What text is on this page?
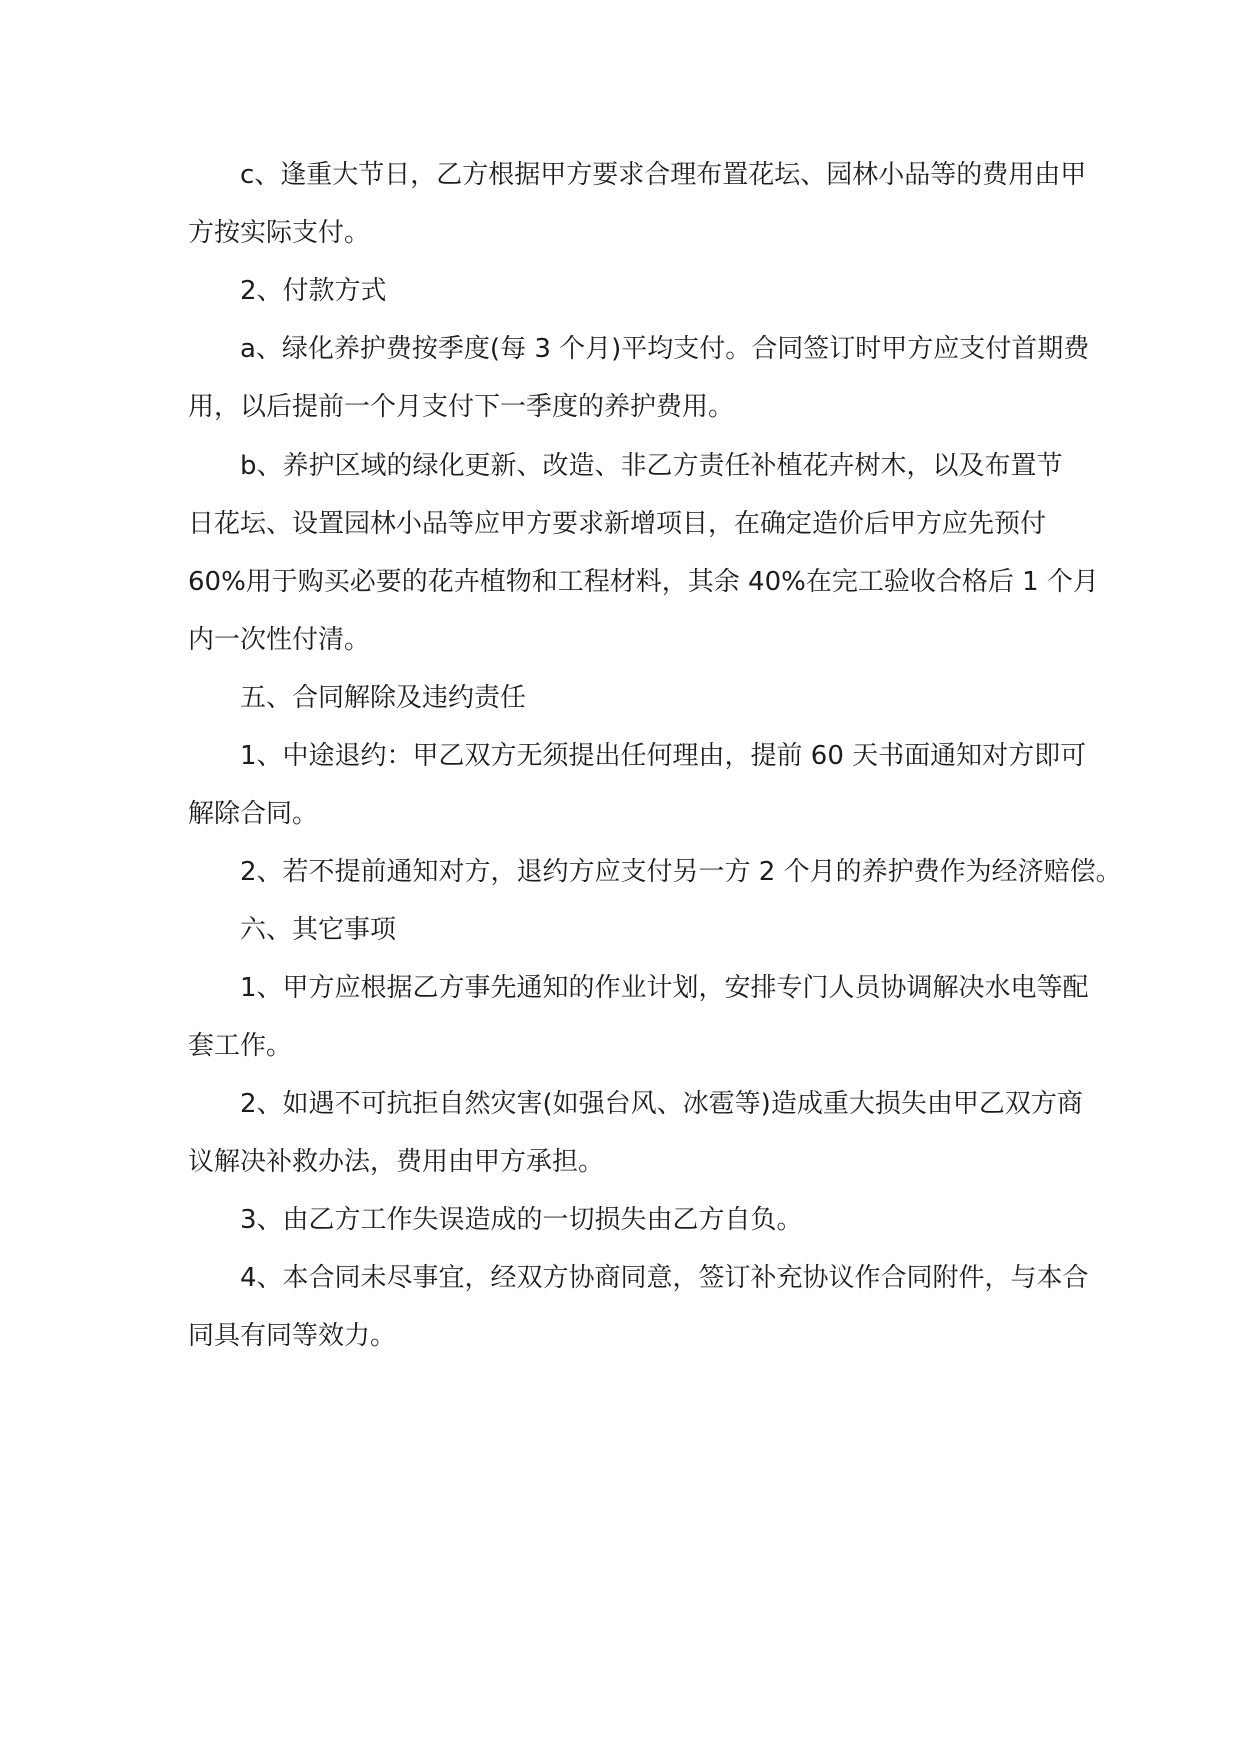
c、逢重大节日，乙方根据甲方要求合理布置花坛、园林小品等的费用由甲

方按实际支付。

2、付款方式

a、绿化养护费按季度(每 3 个月)平均支付。合同签订时甲方应支付首期费

用，以后提前一个月支付下一季度的养护费用。

b、养护区域的绿化更新、改造、非乙方责任补植花卉树木，以及布置节

日花坛、设置园林小品等应甲方要求新增项目，在确定造价后甲方应先预付

60%用于购买必要的花卉植物和工程材料，其余 40%在完工验收合格后 1 个月

内一次性付清。

五、合同解除及违约责任

1、中途退约：甲乙双方无须提出任何理由，提前 60 天书面通知对方即可

解除合同。

2、若不提前通知对方，退约方应支付另一方 2 个月的养护费作为经济赔偿。

六、其它事项

1、甲方应根据乙方事先通知的作业计划，安排专门人员协调解决水电等配

套工作。

2、如遇不可抗拒自然灾害(如强台风、冰雹等)造成重大损失由甲乙双方商

议解决补救办法，费用由甲方承担。

3、由乙方工作失误造成的一切损失由乙方自负。

4、本合同未尽事宜，经双方协商同意，签订补充协议作合同附件，与本合

同具有同等效力。
